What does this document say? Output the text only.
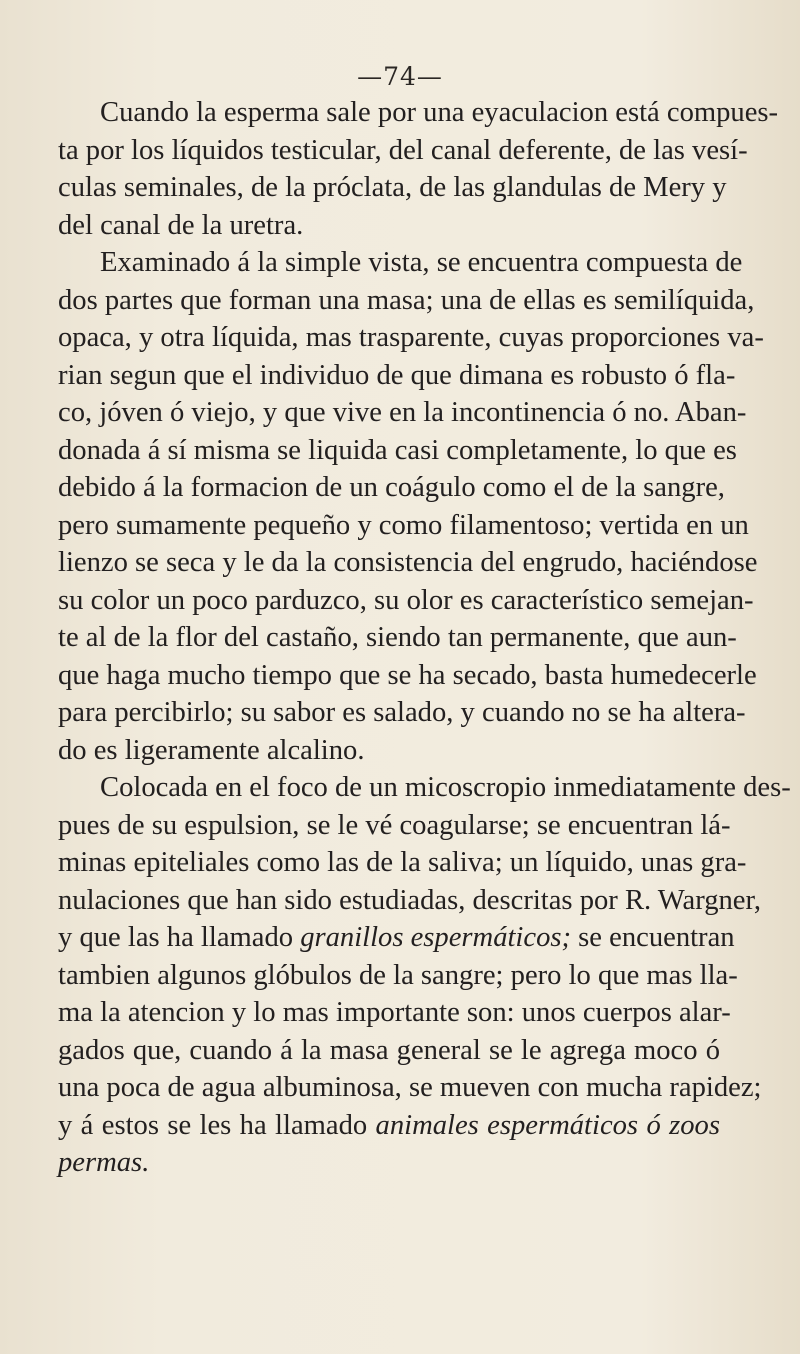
—74—
Cuando la esperma sale por una eyaculacion está compues-
ta por los líquidos testicular, del canal deferente, de las vesí-
culas seminales, de la próclata, de las glandulas de Mery y
del canal de la uretra.
Examinado á la simple vista, se encuentra compuesta de
dos partes que forman una masa; una de ellas es semilíquida,
opaca, y otra líquida, mas trasparente, cuyas proporciones va-
rian segun que el individuo de que dimana es robusto ó fla-
co, jóven ó viejo, y que vive en la incontinencia ó no. Aban-
donada á sí misma se liquida casi completamente, lo que es
debido á la formacion de un coágulo como el de la sangre,
pero sumamente pequeño y como filamentoso; vertida en un
lienzo se seca y le da la consistencia del engrudo, haciéndose
su color un poco parduzco, su olor es característico semejan-
te al de la flor del castaño, siendo tan permanente, que aun-
que haga mucho tiempo que se ha secado, basta humedecerle
para percibirlo; su sabor es salado, y cuando no se ha altera-
do es ligeramente alcalino.
Colocada en el foco de un micoscropio inmediatamente des-
pues de su espulsion, se le vé coagularse; se encuentran lá-
minas epiteliales como las de la saliva; un líquido, unas gra-
nulaciones que han sido estudiadas, descritas por R. Wargner,
y que las ha llamado granillos espermáticos; se encuentran
tambien algunos glóbulos de la sangre; pero lo que mas lla-
ma la atencion y lo mas importante son: unos cuerpos alar-
gados que, cuando á la masa general se le agrega moco ó
una poca de agua albuminosa, se mueven con mucha rapidez;
y á estos se les ha llamado animales espermáticos ó zoos
permas.
